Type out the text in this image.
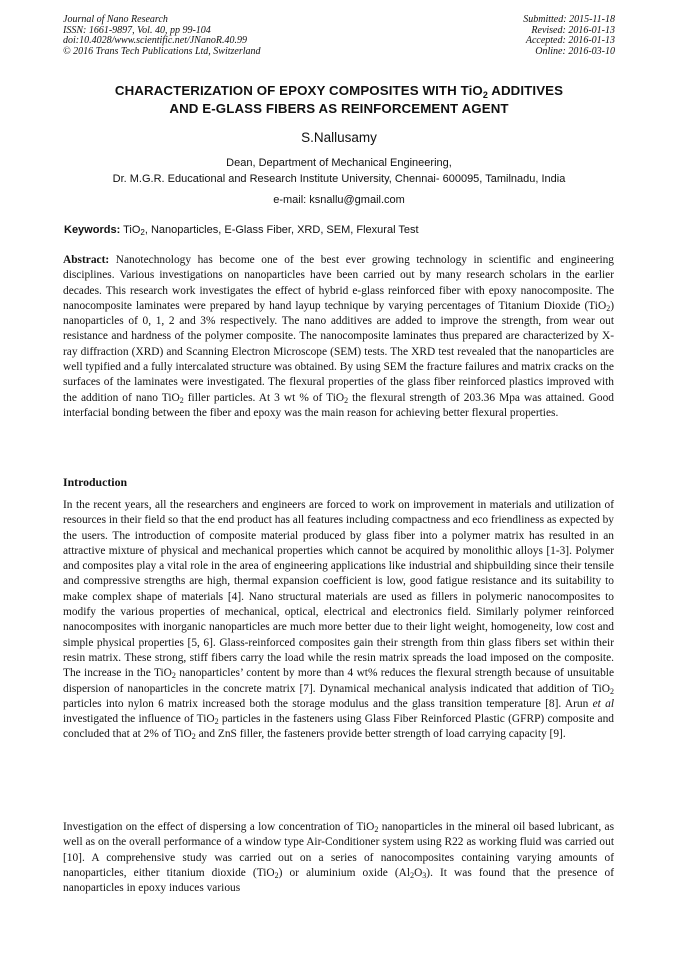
Journal of Nano Research
ISSN: 1661-9897, Vol. 40, pp 99-104
doi:10.4028/www.scientific.net/JNanoR.40.99
© 2016 Trans Tech Publications Ltd, Switzerland
Submitted: 2015-11-18
Revised: 2016-01-13
Accepted: 2016-01-13
Online: 2016-03-10
CHARACTERIZATION OF EPOXY COMPOSITES WITH TiO$_2$ ADDITIVES
AND E-GLASS FIBERS AS REINFORCEMENT AGENT
S.Nallusamy
Dean, Department of Mechanical Engineering,
Dr. M.G.R. Educational and Research Institute University, Chennai- 600095, Tamilnadu, India
e-mail: ksnallu@gmail.com
Keywords: TiO$_2$, Nanoparticles, E-Glass Fiber, XRD, SEM, Flexural Test
Abstract: Nanotechnology has become one of the best ever growing technology in scientific and engineering disciplines. Various investigations on nanoparticles have been carried out by many research scholars in the earlier decades. This research work investigates the effect of hybrid e-glass reinforced fiber with epoxy nanocomposite. The nanocomposite laminates were prepared by hand layup technique by varying percentages of Titanium Dioxide (TiO$_2$) nanoparticles of 0, 1, 2 and 3% respectively. The nano additives are added to improve the strength, from wear out resistance and hardness of the polymer composite. The nanocomposite laminates thus prepared are characterized by X-ray diffraction (XRD) and Scanning Electron Microscope (SEM) tests. The XRD test revealed that the nanoparticles are well typified and a fully intercalated structure was obtained. By using SEM the fracture failures and matrix cracks on the surfaces of the laminates were investigated. The flexural properties of the glass fiber reinforced plastics improved with the addition of nano TiO$_2$ filler particles. At 3 wt % of TiO$_2$ the flexural strength of 203.36 Mpa was attained. Good interfacial bonding between the fiber and epoxy was the main reason for achieving better flexural properties.
Introduction
In the recent years, all the researchers and engineers are forced to work on improvement in materials and utilization of resources in their field so that the end product has all features including compactness and eco friendliness as expected by the users. The introduction of composite material produced by glass fiber into a polymer matrix has resulted in an attractive mixture of physical and mechanical properties which cannot be acquired by monolithic alloys [1-3]. Polymer and composites play a vital role in the area of engineering applications like industrial and shipbuilding since their tensile and compressive strengths are high, thermal expansion coefficient is low, good fatigue resistance and its suitability to make complex shape of materials [4]. Nano structural materials are used as fillers in polymeric nanocomposites to modify the various properties of mechanical, optical, electrical and electronics field. Similarly polymer reinforced nanocomposites with inorganic nanoparticles are much more better due to their light weight, homogeneity, low cost and simple physical properties [5, 6]. Glass-reinforced composites gain their strength from thin glass fibers set within their resin matrix. These strong, stiff fibers carry the load while the resin matrix spreads the load imposed on the composite. The increase in the TiO$_2$ nanoparticles’ content by more than 4 wt% reduces the flexural strength because of unsuitable dispersion of nanoparticles in the concrete matrix [7]. Dynamical mechanical analysis indicated that addition of TiO$_2$ particles into nylon 6 matrix increased both the storage modulus and the glass transition temperature [8]. Arun et al investigated the influence of TiO$_2$ particles in the fasteners using Glass Fiber Reinforced Plastic (GFRP) composite and concluded that at 2% of TiO$_2$ and ZnS filler, the fasteners provide better strength of load carrying capacity [9].
Investigation on the effect of dispersing a low concentration of TiO$_2$ nanoparticles in the mineral oil based lubricant, as well as on the overall performance of a window type Air-Conditioner system using R22 as working fluid was carried out [10]. A comprehensive study was carried out on a series of nanocomposites containing varying amounts of nanoparticles, either titanium dioxide (TiO$_2$) or aluminium oxide $(Al_2O_3)$. It was found that the presence of nanoparticles in epoxy induces various
